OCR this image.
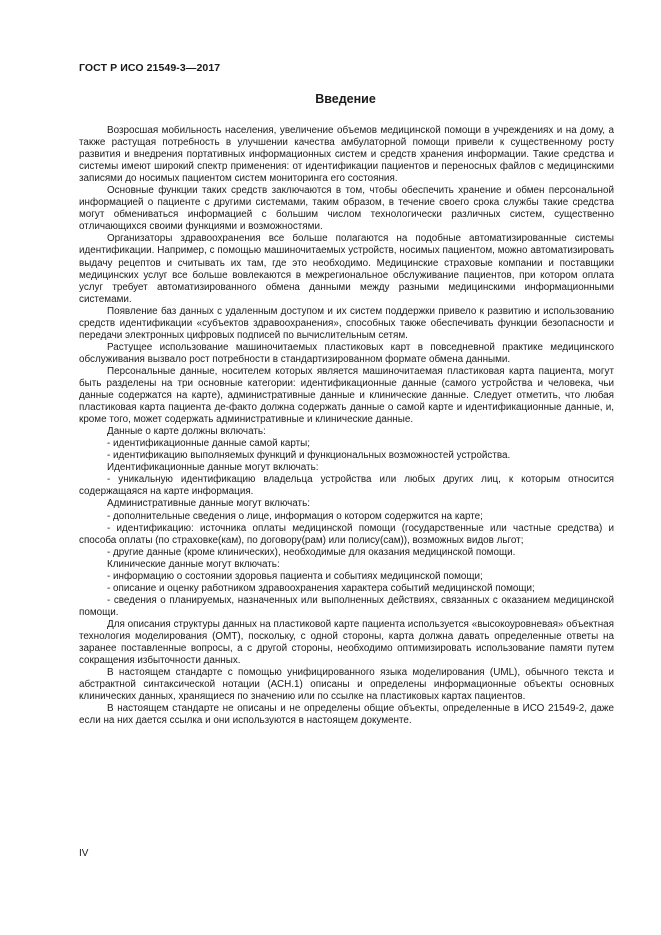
ГОСТ Р ИСО 21549-3—2017
Введение

Возросшая мобильность населения, увеличение объемов медицинской помощи в учреждениях и на дому, а также растущая потребность в улучшении качества амбулаторной помощи привели к существенному росту развития и внедрения портативных информационных систем и средств хранения информации. Такие средства и системы имеют широкий спектр применения: от идентификации пациентов и переносных файлов с медицинскими записями до носимых пациентом систем мониторинга его состояния.

Основные функции таких средств заключаются в том, чтобы обеспечить хранение и обмен персональной информацией о пациенте с другими системами, таким образом, в течение своего срока службы такие средства могут обмениваться информацией с большим числом технологически различных систем, существенно отличающихся своими функциями и возможностями.

Организаторы здравоохранения все больше полагаются на подобные автоматизированные системы идентификации. Например, с помощью машиночитаемых устройств, носимых пациентом, можно автоматизировать выдачу рецептов и считывать их там, где это необходимо. Медицинские страховые компании и поставщики медицинских услуг все больше вовлекаются в межрегиональное обслуживание пациентов, при котором оплата услуг требует автоматизированного обмена данными между разными медицинскими информационными системами.

Появление баз данных с удаленным доступом и их систем поддержки привело к развитию и использованию средств идентификации «субъектов здравоохранения», способных также обеспечивать функции безопасности и передачи электронных цифровых подписей по вычислительным сетям.

Растущее использование машиночитаемых пластиковых карт в повседневной практике медицинского обслуживания вызвало рост потребности в стандартизированном формате обмена данными.

Персональные данные, носителем которых является машиночитаемая пластиковая карта пациента, могут быть разделены на три основные категории: идентификационные данные (самого устройства и человека, чьи данные содержатся на карте), административные данные и клинические данные. Следует отметить, что любая пластиковая карта пациента де-факто должна содержать данные о самой карте и идентификационные данные, и, кроме того, может содержать административные и клинические данные.

Данные о карте должны включать:

- идентификационные данные самой карты;

- идентификацию выполняемых функций и функциональных возможностей устройства.

Идентификационные данные могут включать:

- уникальную идентификацию владельца устройства или любых других лиц, к которым относится содержащаяся на карте информация.

Административные данные могут включать:

- дополнительные сведения о лице, информация о котором содержится на карте;

- идентификацию: источника оплаты медицинской помощи (государственные или частные средства) и способа оплаты (по страховке(кам), по договору(рам) или полису(сам)), возможных видов льгот;

- другие данные (кроме клинических), необходимые для оказания медицинской помощи.

Клинические данные могут включать:

- информацию о состоянии здоровья пациента и событиях медицинской помощи;

- описание и оценку работником здравоохранения характера событий медицинской помощи;

- сведения о планируемых, назначенных или выполненных действиях, связанных с оказанием медицинской помощи.

Для описания структуры данных на пластиковой карте пациента используется «высокоуровневая» объектная технология моделирования (ОМТ), поскольку, с одной стороны, карта должна давать определенные ответы на заранее поставленные вопросы, а с другой стороны, необходимо оптимизировать использование памяти путем сокращения избыточности данных.

В настоящем стандарте с помощью унифицированного языка моделирования (UML), обычного текста и абстрактной синтаксической нотации (АСН.1) описаны и определены информационные объекты основных клинических данных, хранящиеся по значению или по ссылке на пластиковых картах пациентов.

В настоящем стандарте не описаны и не определены общие объекты, определенные в ИСО 21549-2, даже если на них дается ссылка и они используются в настоящем документе.

IV
